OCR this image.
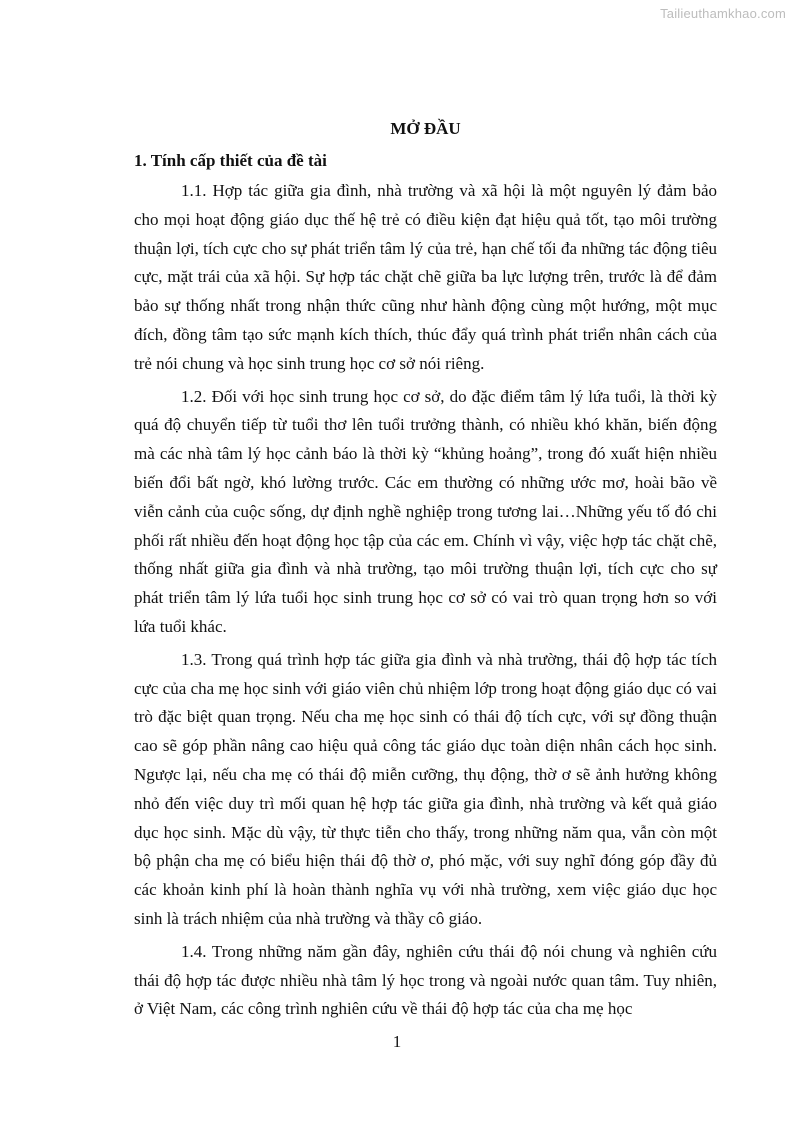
Tailieuthamkhao.com
MỞ ĐẦU
1. Tính cấp thiết của đề tài

1.1. Hợp tác giữa gia đình, nhà trường và xã hội là một nguyên lý đảm bảo cho mọi hoạt động giáo dục thế hệ trẻ có điều kiện đạt hiệu quả tốt, tạo môi trường thuận lợi, tích cực cho sự phát triển tâm lý của trẻ, hạn chế tối đa những tác động tiêu cực, mặt trái của xã hội. Sự hợp tác chặt chẽ giữa ba lực lượng trên, trước là để đảm bảo sự thống nhất trong nhận thức cũng như hành động cùng một hướng, một mục đích, đồng tâm tạo sức mạnh kích thích, thúc đẩy quá trình phát triển nhân cách của trẻ nói chung và học sinh trung học cơ sở nói riêng.

1.2. Đối với học sinh trung học cơ sở, do đặc điểm tâm lý lứa tuổi, là thời kỳ quá độ chuyển tiếp từ tuổi thơ lên tuổi trưởng thành, có nhiều khó khăn, biến động mà các nhà tâm lý học cảnh báo là thời kỳ “khủng hoảng”, trong đó xuất hiện nhiều biến đổi bất ngờ, khó lường trước. Các em thường có những ước mơ, hoài bão về viễn cảnh của cuộc sống, dự định nghề nghiệp trong tương lai…Những yếu tố đó chi phối rất nhiều đến hoạt động học tập của các em. Chính vì vậy, việc hợp tác chặt chẽ, thống nhất giữa gia đình và nhà trường, tạo môi trường thuận lợi, tích cực cho sự phát triển tâm lý lứa tuổi học sinh trung học cơ sở có vai trò quan trọng hơn so với lứa tuổi khác.

1.3. Trong quá trình hợp tác giữa gia đình và nhà trường, thái độ hợp tác tích cực của cha mẹ học sinh với giáo viên chủ nhiệm lớp trong hoạt động giáo dục có vai trò đặc biệt quan trọng. Nếu cha mẹ học sinh có thái độ tích cực, với sự đồng thuận cao sẽ góp phần nâng cao hiệu quả công tác giáo dục toàn diện nhân cách học sinh. Ngược lại, nếu cha mẹ có thái độ miễn cưỡng, thụ động, thờ ơ sẽ ảnh hưởng không nhỏ đến việc duy trì mối quan hệ hợp tác giữa gia đình, nhà trường và kết quả giáo dục học sinh. Mặc dù vậy, từ thực tiễn cho thấy, trong những năm qua, vẫn còn một bộ phận cha mẹ có biểu hiện thái độ thờ ơ, phó mặc, với suy nghĩ đóng góp đầy đủ các khoản kinh phí là hoàn thành nghĩa vụ với nhà trường, xem việc giáo dục học sinh là trách nhiệm của nhà trường và thầy cô giáo.

1.4. Trong những năm gần đây, nghiên cứu thái độ nói chung và nghiên cứu thái độ hợp tác được nhiều nhà tâm lý học trong và ngoài nước quan tâm. Tuy nhiên, ở Việt Nam, các công trình nghiên cứu về thái độ hợp tác của cha mẹ học

1
